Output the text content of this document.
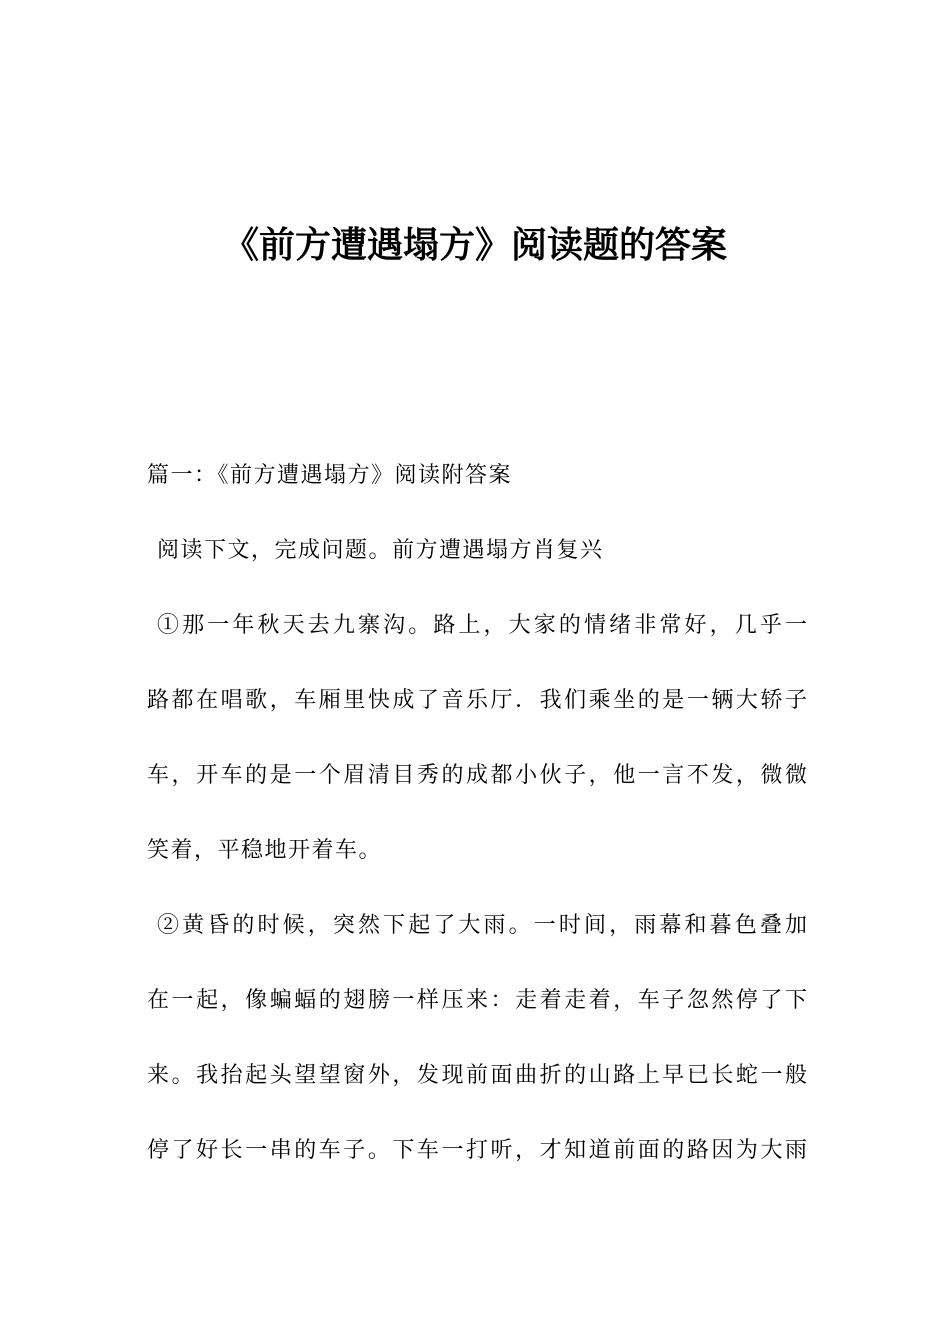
《前方遭遇塌方》阅读题的答案
篇一：《前方遭遇塌方》阅读附答案
阅读下文，完成问题。前方遭遇塌方肖复兴
①那一年秋天去九寨沟。路上，大家的情绪非常好，几乎一
路都在唱歌，车厢里快成了音乐厅．我们乘坐的是一辆大轿子
车，开车的是一个眉清目秀的成都小伙子，他一言不发，微微
笑着，平稳地开着车。
②黄昏的时候，突然下起了大雨。一时间，雨幕和暮色叠加
在一起，像蝙蝠的翅膀一样压来：走着走着，车子忽然停了下
来。我抬起头望望窗外，发现前面曲折的山路上早已长蛇一般
停了好长一串的车子。下车一打听，才知道前面的路因为大雨
